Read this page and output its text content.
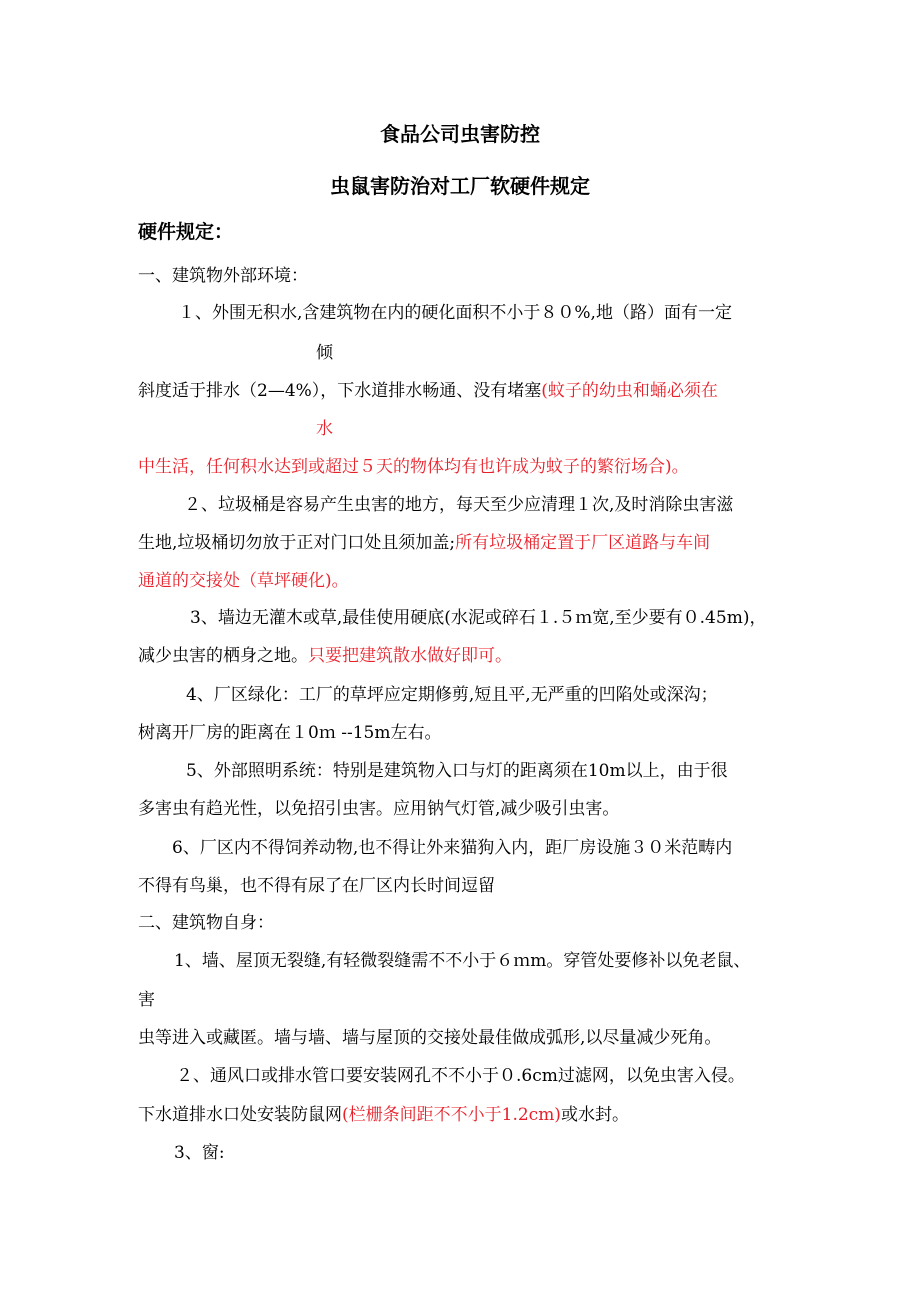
食品公司虫害防控
虫鼠害防治对工厂软硬件规定
硬件规定：
一、建筑物外部环境：
１、外围无积水,含建筑物在内的硬化面积不小于８０%,地（路）面有一定
倾
斜度适于排水（2—4%），下水道排水畅通、没有堵塞(蚊子的幼虫和蛹必须在
水
中生活，任何积水达到或超过５天的物体均有也许成为蚊子的繁衍场合)。
２、垃圾桶是容易产生虫害的地方，每天至少应清理１次,及时消除虫害滋
生地,垃圾桶切勿放于正对门口处且须加盖;所有垃圾桶定置于厂区道路与车间
通道的交接处（草坪硬化)。
3、墙边无灌木或草,最佳使用硬底(水泥或碎石１.５ｍ宽,至少要有０.45m)，
减少虫害的栖身之地。只要把建筑散水做好即可。
4、厂区绿化：工厂的草坪应定期修剪,短且平,无严重的凹陷处或深沟；
树离开厂房的距离在１0ｍ --15m左右。
5、外部照明系统：特别是建筑物入口与灯的距离须在10m以上，由于很
多害虫有趋光性，以免招引虫害。应用钠气灯管,减少吸引虫害。
6、厂区内不得饲养动物,也不得让外来猫狗入内，距厂房设施３０米范畴内
不得有鸟巢，也不得有尿了在厂区内长时间逗留
二、建筑物自身：
1、墙、屋顶无裂缝,有轻微裂缝需不不小于６ｍm。穿管处要修补以免老鼠、
害
虫等进入或藏匿。墙与墙、墙与屋顶的交接处最佳做成弧形,以尽量减少死角。
２、通风口或排水管口要安装网孔不不小于０.6cm过滤网，以免虫害入侵。
下水道排水口处安装防鼠网(栏栅条间距不不小于1.2cm)或水封。
3、窗:
